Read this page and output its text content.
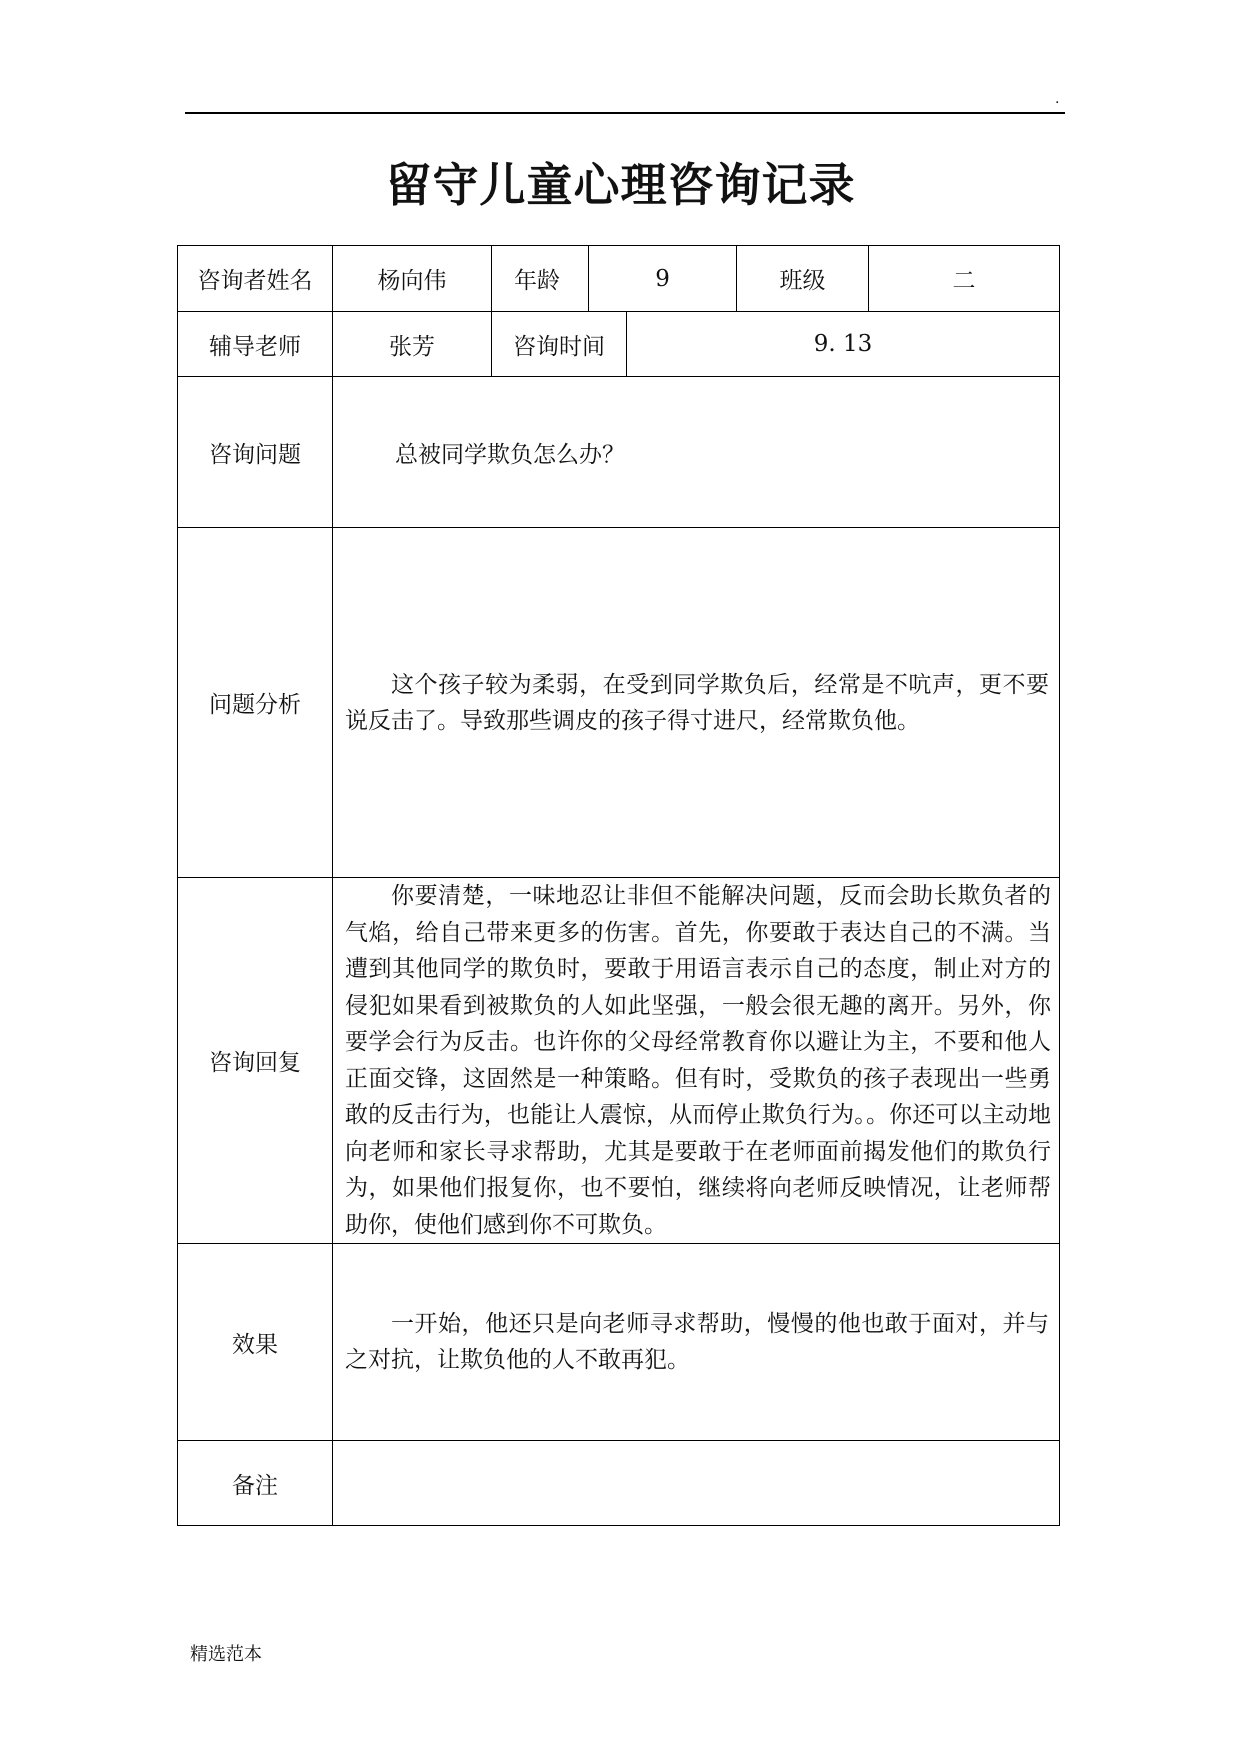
.
留守儿童心理咨询记录
咨询者姓名	杨向伟	年龄	9		班级	二
辅导老师	张芳	咨询时间		9. 13		
咨询问题	总被同学欺负怎么办？					
问题分析	这个孩子较为柔弱，在受到同学欺负后，经常是不吭声，更不要说反击了。导致那些调皮的孩子得寸进尺，经常欺负他。					
咨询回复	你要清楚，一味地忍让非但不能解决问题，反而会助长欺负者的气焰，给自己带来更多的伤害。首先，你要敢于表达自己的不满。当遭到其他同学的欺负时，要敢于用语言表示自己的态度，制止对方的侵犯如果看到被欺负的人如此坚强，一般会很无趣的离开。另外，你要学会行为反击。也许你的父母经常教育你以避让为主，不要和他人正面交锋，这固然是一种策略。但有时，受欺负的孩子表现出一些勇敢的反击行为，也能让人震惊，从而停止欺负行为。。你还可以主动地向老师和家长寻求帮助，尤其是要敢于在老师面前揭发他们的欺负行为，如果他们报复你，也不要怕，继续将向老师反映情况，让老师帮助你，使他们感到你不可欺负。					
效果	一开始，他还只是向老师寻求帮助，慢慢的他也敢于面对，并与之对抗，让欺负他的人不敢再犯。					
备注						
精选范本
